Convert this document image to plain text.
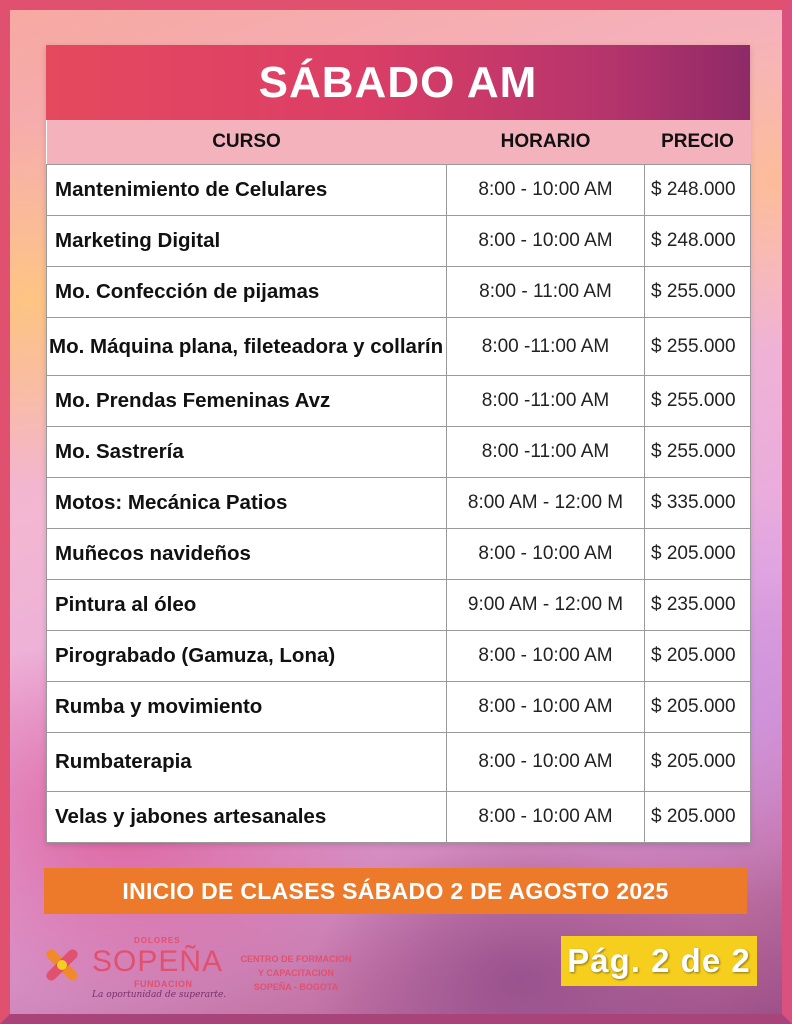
SÁBADO AM
CURSO	HORARIO	PRECIO
Mantenimiento de Celulares	8:00 - 10:00 AM	$ 248.000
Marketing Digital	8:00 - 10:00 AM	$ 248.000
Mo. Confección de pijamas	8:00 - 11:00 AM	$ 255.000
Mo. Máquina plana, fileteadora y collarín	8:00 -11:00 AM	$ 255.000
Mo. Prendas Femeninas Avz	8:00 -11:00 AM	$ 255.000
Mo. Sastrería	8:00 -11:00 AM	$ 255.000
Motos: Mecánica Patios	8:00 AM - 12:00 M	$ 335.000
Muñecos navideños	8:00 - 10:00 AM	$ 205.000
Pintura al óleo	9:00 AM - 12:00 M	$ 235.000
Pirograbado (Gamuza, Lona)	8:00 - 10:00 AM	$ 205.000
Rumba y movimiento	8:00 - 10:00 AM	$ 205.000
Rumbaterapia	8:00 - 10:00 AM	$ 205.000
Velas y jabones artesanales	8:00 - 10:00 AM	$ 205.000
INICIO DE CLASES SÁBADO 2 DE AGOSTO 2025
DOLORES
SOPEÑA
FUNDACION
La oportunidad de superarte.
CENTRO DE FORMACION
Y CAPACITACION
SOPEÑA - BOGOTA
Pág. 2 de 2
